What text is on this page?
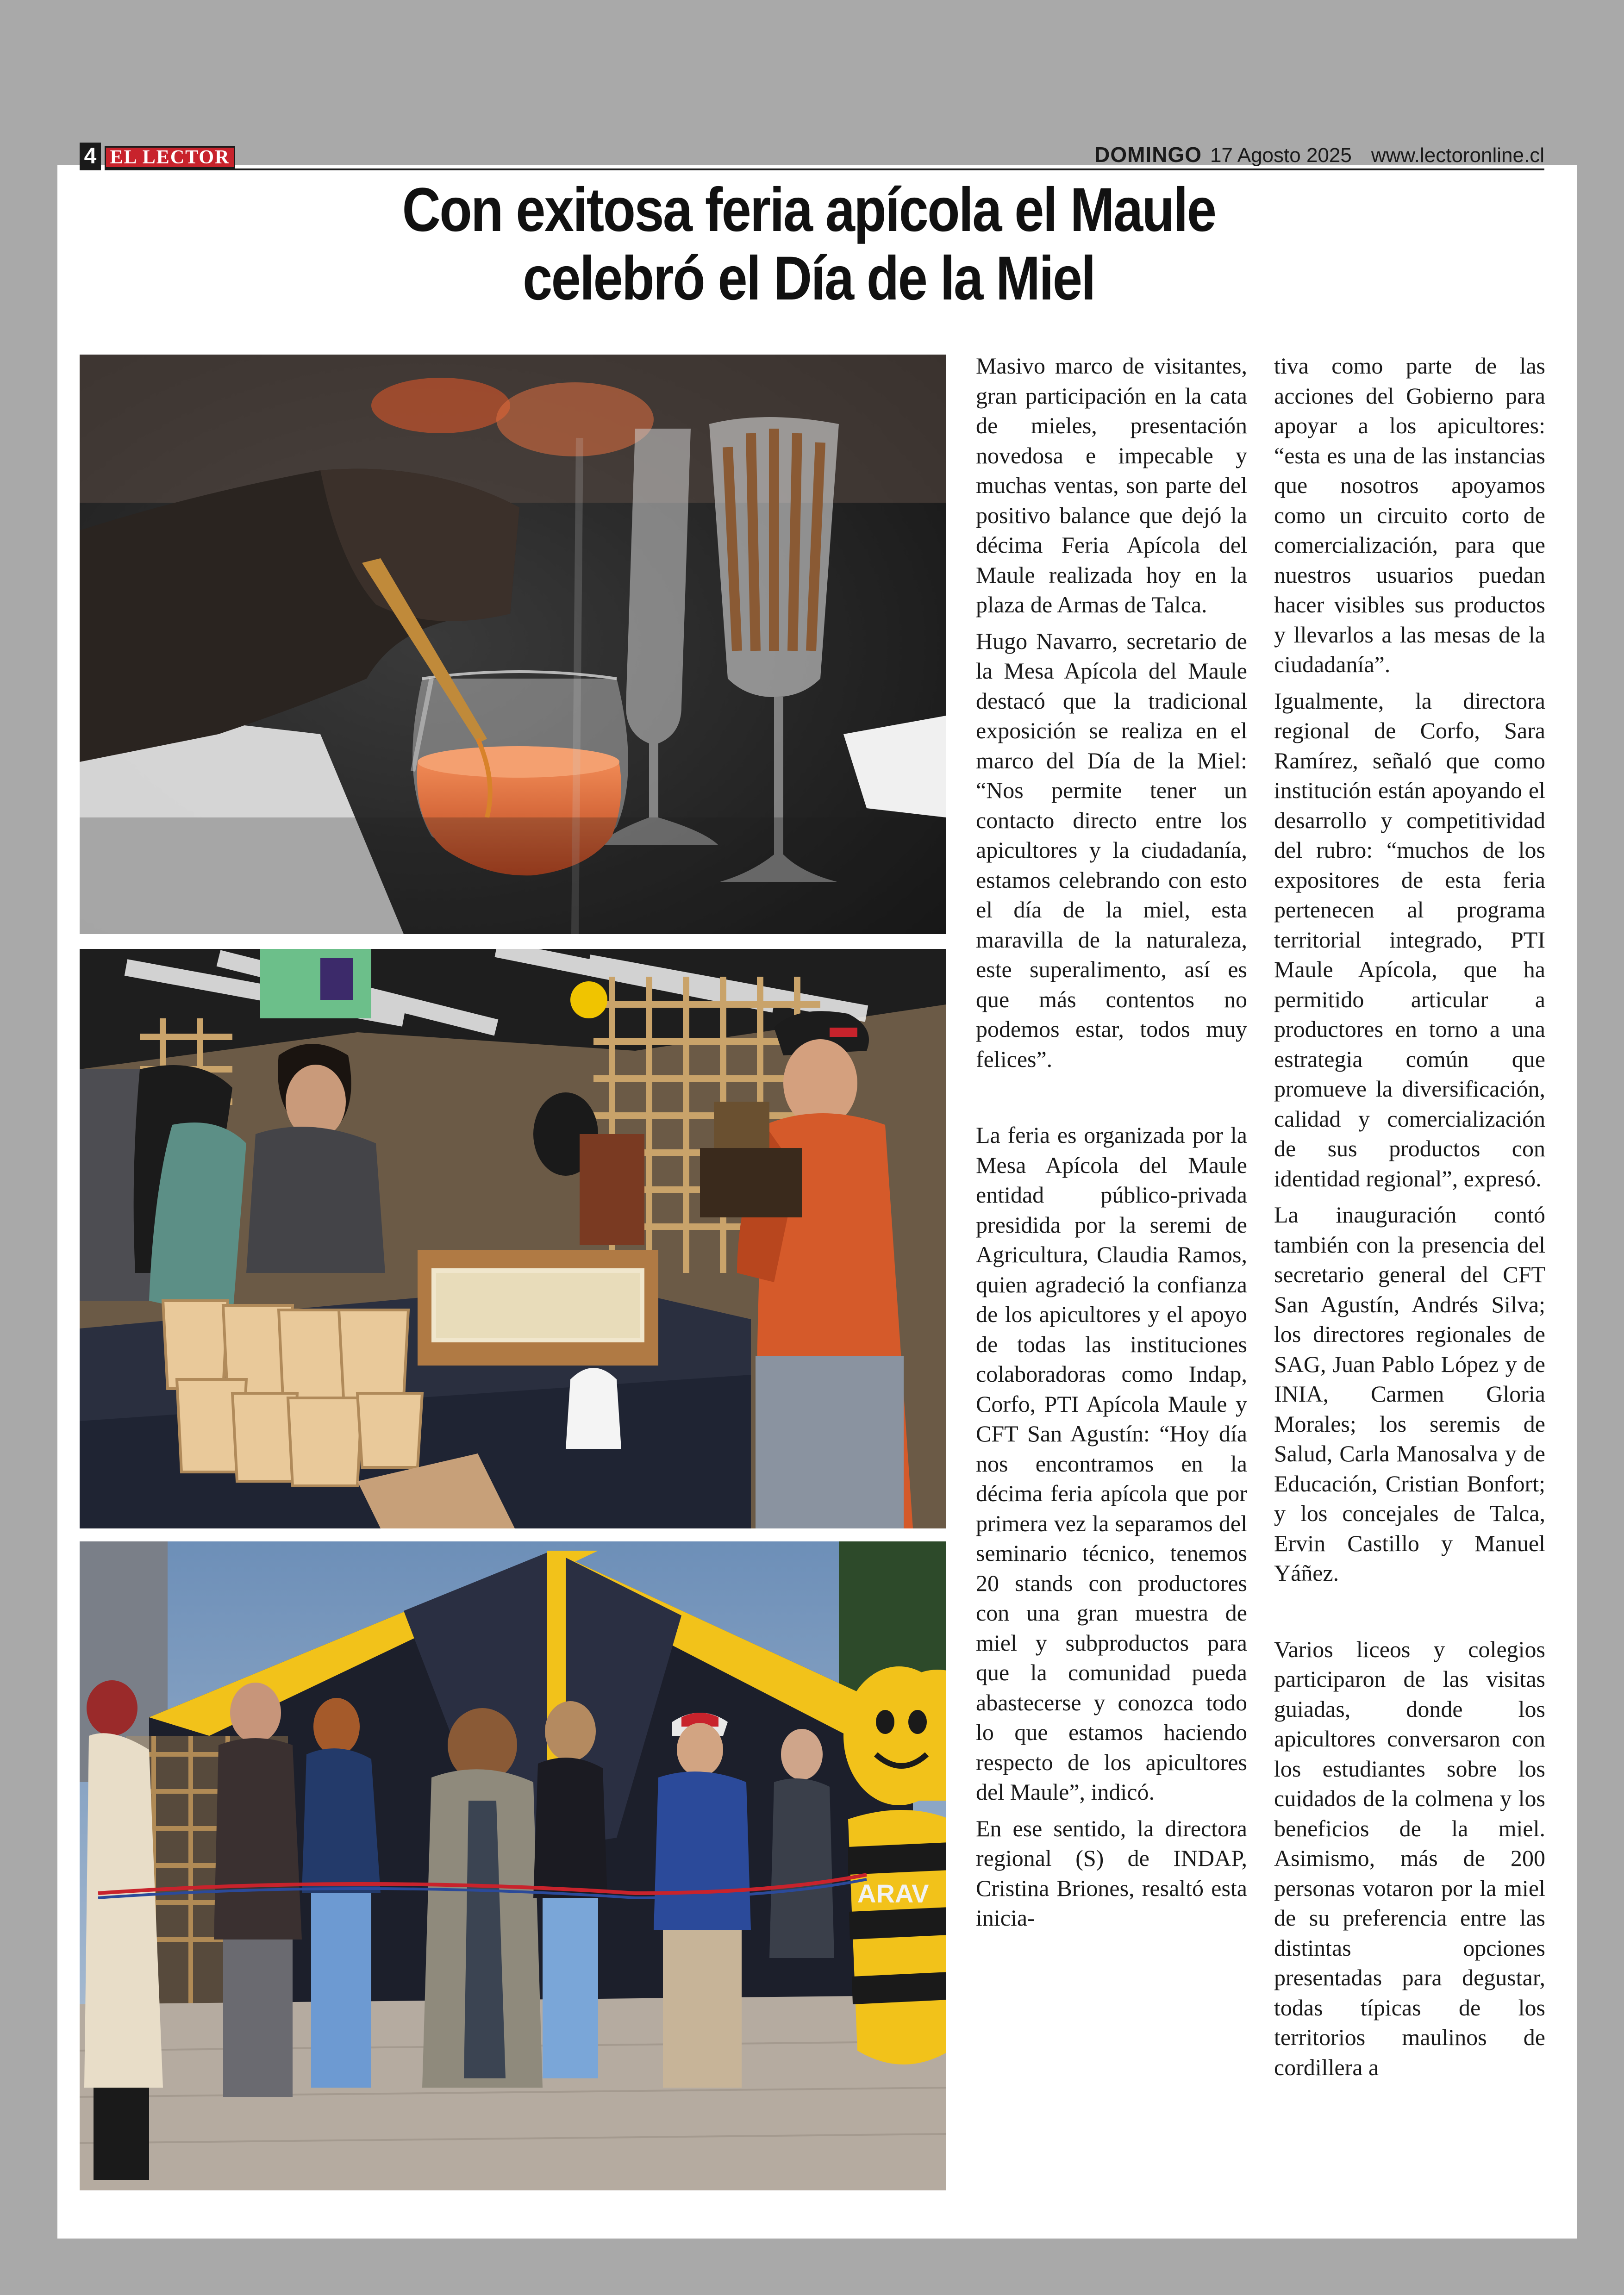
4 EL LECTOR	DOMINGO 17 Agosto 2025 www.lectoronline.cl
Con exitosa feria apícola el Maule
celebró el Día de la Miel
ARAV

Masivo marco de visitantes, gran participación en la cata de mieles, presentación novedosa e impecable y muchas ventas, son parte del positivo balance que dejó la décima Feria Apícola del Maule realizada hoy en la plaza de Armas de Talca.

Hugo Navarro, secretario de la Mesa Apícola del Maule destacó que la tradicional exposición se realiza en el marco del Día de la Miel: “Nos permite tener un contacto directo entre los apicultores y la ciudadanía, estamos celebrando con esto el día de la miel, esta maravilla de la naturaleza, este superalimento, así es que más contentos no podemos estar, todos muy felices”.

La feria es organizada por la Mesa Apícola del Maule entidad público-privada presidida por la seremi de Agricultura, Claudia Ramos, quien agradeció la confianza de los apicultores y el apoyo de todas las instituciones colaboradoras como Indap, Corfo, PTI Apícola Maule y CFT San Agustín: “Hoy día nos encontramos en la décima feria apícola que por primera vez la separamos del seminario técnico, tenemos 20 stands con productores con una gran muestra de miel y subproductos para que la comunidad pueda abastecerse y conozca todo lo que estamos haciendo respecto de los apicultores del Maule”, indicó.

En ese sentido, la directora regional (S) de INDAP, Cristina Briones, resaltó esta inicia-

tiva como parte de las acciones del Gobierno para apoyar a los apicultores: “esta es una de las instancias que nosotros apoyamos como un circuito corto de comercialización, para que nuestros usuarios puedan hacer visibles sus productos y llevarlos a las mesas de la ciudadanía”.

Igualmente, la directora regional de Corfo, Sara Ramírez, señaló que como institución están apoyando el desarrollo y competitividad del rubro: “muchos de los expositores de esta feria pertenecen al programa territorial integrado, PTI Maule Apícola, que ha permitido articular a productores en torno a una estrategia común que promueve la diversificación, calidad y comercialización de sus productos con identidad regional”, expresó.

La inauguración contó también con la presencia del secretario general del CFT San Agustín, Andrés Silva; los directores regionales de SAG, Juan Pablo López y de INIA, Carmen Gloria Morales; los seremis de Salud, Carla Manosalva y de Educación, Cristian Bonfort; y los concejales de Talca, Ervin Castillo y Manuel Yáñez.

Varios liceos y colegios participaron de las visitas guiadas, donde los apicultores conversaron con los estudiantes sobre los cuidados de la colmena y los beneficios de la miel. Asimismo, más de 200 personas votaron por la miel de su preferencia entre las distintas opciones presentadas para degustar, todas típicas de los territorios maulinos de cordillera a
